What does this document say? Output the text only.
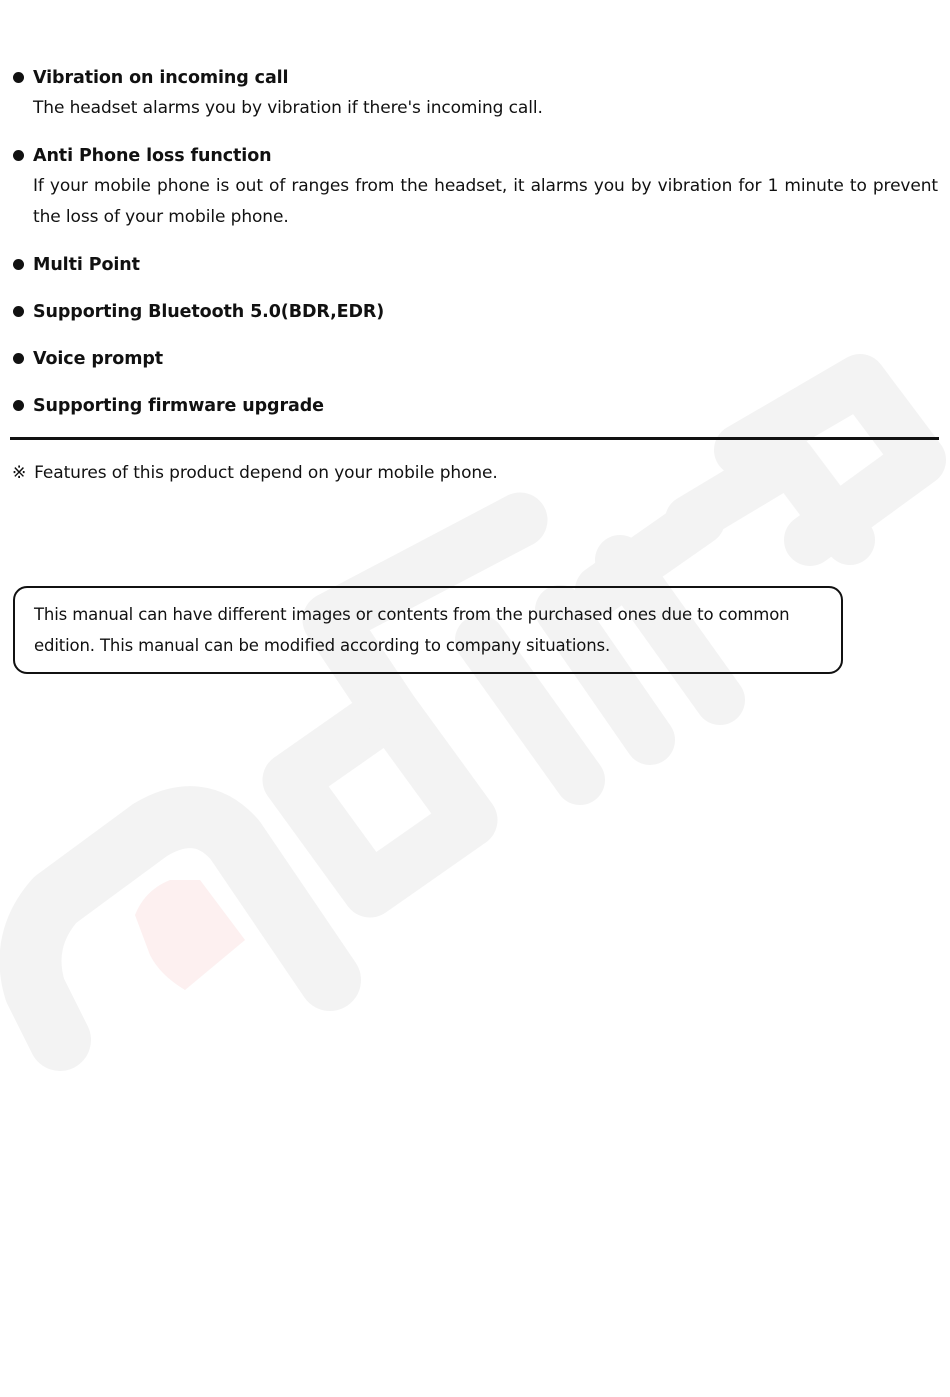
Vibration on incoming call
The headset alarms you by vibration if there's incoming call.
Anti Phone loss function
If your mobile phone is out of ranges from the headset, it alarms you by vibration for 1 minute to prevent the loss of your mobile phone.
Multi Point
Supporting Bluetooth 5.0(BDR,EDR)
Voice prompt
Supporting firmware upgrade
※ Features of this product depend on your mobile phone.
This manual can have different images or contents from the purchased ones due to common edition. This manual can be modified according to company situations.
